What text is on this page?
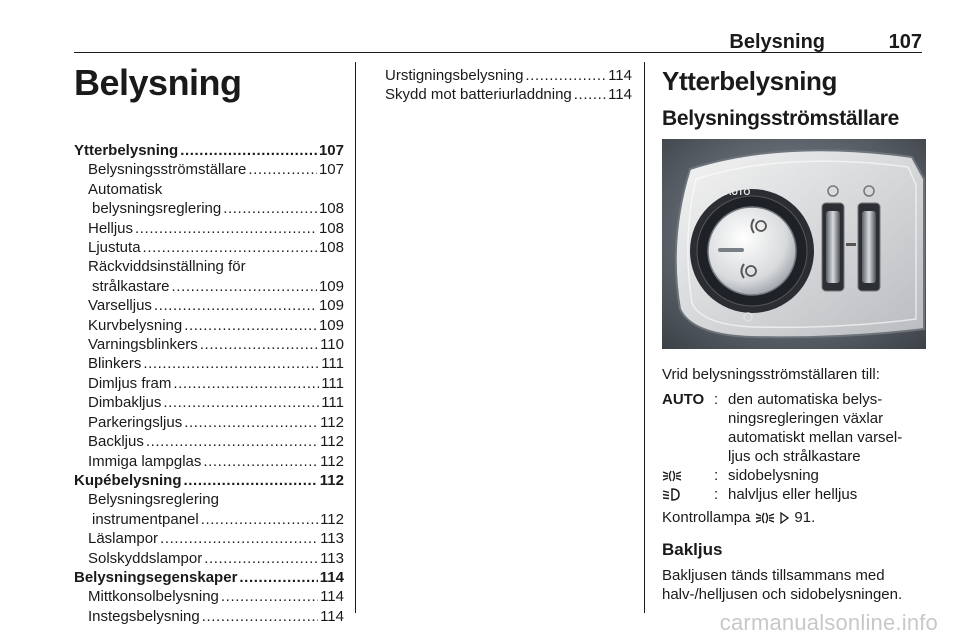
Belysning	107
Belysning
Ytterbelysning .....	107
Belysningsströmställare .....	107
Automatisk
belysningsreglering .....	108
Helljus .....	108
Ljustuta .....	108
Räckviddsinställning för
strålkastare .....	109
Varselljus .....	109
Kurvbelysning .....	109
Varningsblinkers .....	110
Blinkers .....	111
Dimljus fram .....	111
Dimbakljus .....	111
Parkeringsljus .....	112
Backljus .....	112
Immiga lampglas .....	112
Kupébelysning .....	112
Belysningsreglering
instrumentpanel .....	112
Läslampor .....	113
Solskyddslampor .....	113
Belysningsegenskaper .....	114
Mittkonsolbelysning .....	114
Instegsbelysning .....	114
Urstigningsbelysning .....	114
Skydd mot batteriurladdning ..... 114 Ytterbelysning
Belysningsströmställare
AUTO
Vrid belysningsströmställaren till:
AUTO : den automatiska belys-
ningsregleringen växlar
automatiskt mellan varsel-
ljus och strålkastare
: sidobelysning
: halvljus eller helljus
Kontrollampa	91.
Bakljus
Bakljusen tänds tillsammans med
halv-/helljusen och sidobelysningen.
carmanualsonline.info
